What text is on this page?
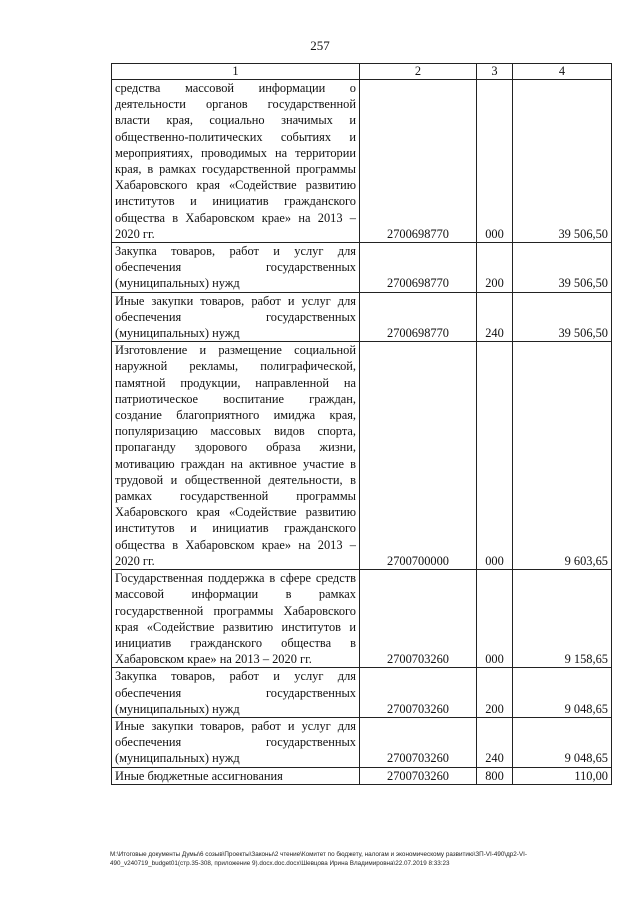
257
1	2	3	4
средства массовой информации о деятельности органов государственной власти края, социально значимых и общественно-политических событиях и мероприятиях, проводимых на территории края, в рамках государственной программы Хабаровского края «Содействие развитию институтов и инициатив гражданского общества в Хабаровском крае» на 2013 – 2020 гг.	2700698770	000	39 506,50
Закупка товаров, работ и услуг для обеспечения государственных (муниципальных) нужд	2700698770	200	39 506,50
Иные закупки товаров, работ и услуг для обеспечения государственных (муниципальных) нужд	2700698770	240	39 506,50
Изготовление и размещение социальной наружной рекламы, полиграфической, памятной продукции, направленной на патриотическое воспитание граждан, создание благоприятного имиджа края, популяризацию массовых видов спорта, пропаганду здорового образа жизни, мотивацию граждан на активное участие в трудовой и общественной деятельности, в рамках государственной программы Хабаровского края «Содействие развитию институтов и инициатив гражданского общества в Хабаровском крае» на 2013 – 2020 гг.	2700700000	000	9 603,65
Государственная поддержка в сфере средств массовой информации в рамках государственной программы Хабаровского края «Содействие развитию институтов и инициатив гражданского общества в Хабаровском крае» на 2013 – 2020 гг.	2700703260	000	9 158,65
Закупка товаров, работ и услуг для обеспечения государственных (муниципальных) нужд	2700703260	200	9 048,65
Иные закупки товаров, работ и услуг для обеспечения государственных (муниципальных) нужд	2700703260	240	9 048,65
Иные бюджетные ассигнования	2700703260	800	110,00
M:\Итоговые документы Думы\6 созыв\Проекты\Законы\2 чтение\Комитет по бюджету, налогам и экономическому развитию\ЗП-VI-490\др2-VI-
490_v240719_budget01(стр.35-308, приложение 9).docx.doc.docx\Шевцова Ирина Владимировна\22.07.2019 8:33:23
